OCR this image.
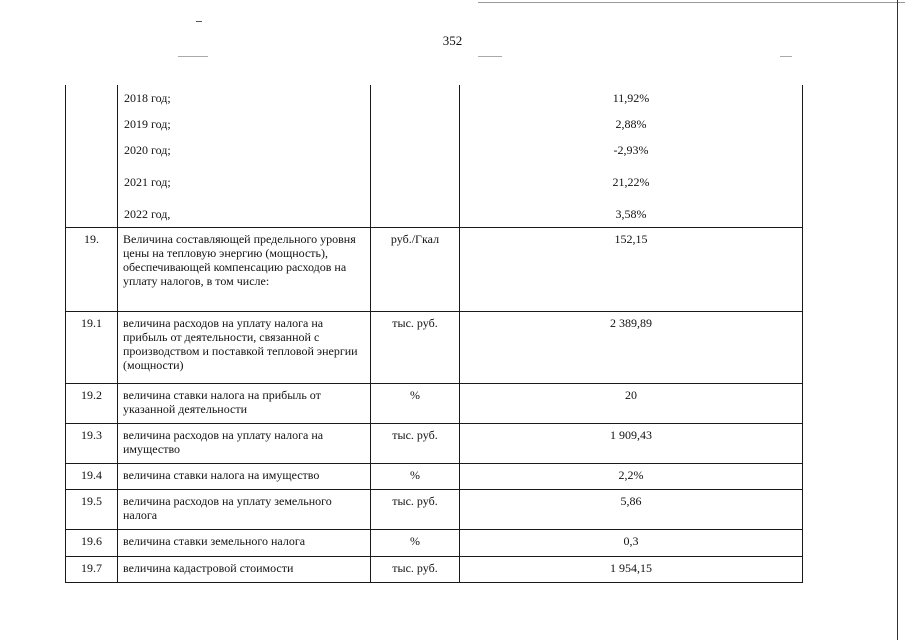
352
	2018 год;		11,92%
	2019 год;		2,88%
	2020 год;		-2,93%
	2021 год;		21,22%
	2022 год,		3,58%
19.	Величина составляющей предельного уровня цены на тепловую энергию (мощность), обеспечивающей компенсацию расходов на уплату налогов, в том числе:	руб./Гкал	152,15
19.1	величина расходов на уплату налога на прибыль от деятельности, связанной с производством и поставкой тепловой энергии (мощности)	тыс. руб.	2 389,89
19.2	величина ставки налога на прибыль от указанной деятельности	%	20
19.3	величина расходов на уплату налога на имущество	тыс. руб.	1 909,43
19.4	величина ставки налога на имущество	%	2,2%
19.5	величина расходов на уплату земельного налога	тыс. руб.	5,86
19.6	величина ставки земельного налога	%	0,3
19.7	величина кадастровой стоимости	тыс. руб.	1 954,15
